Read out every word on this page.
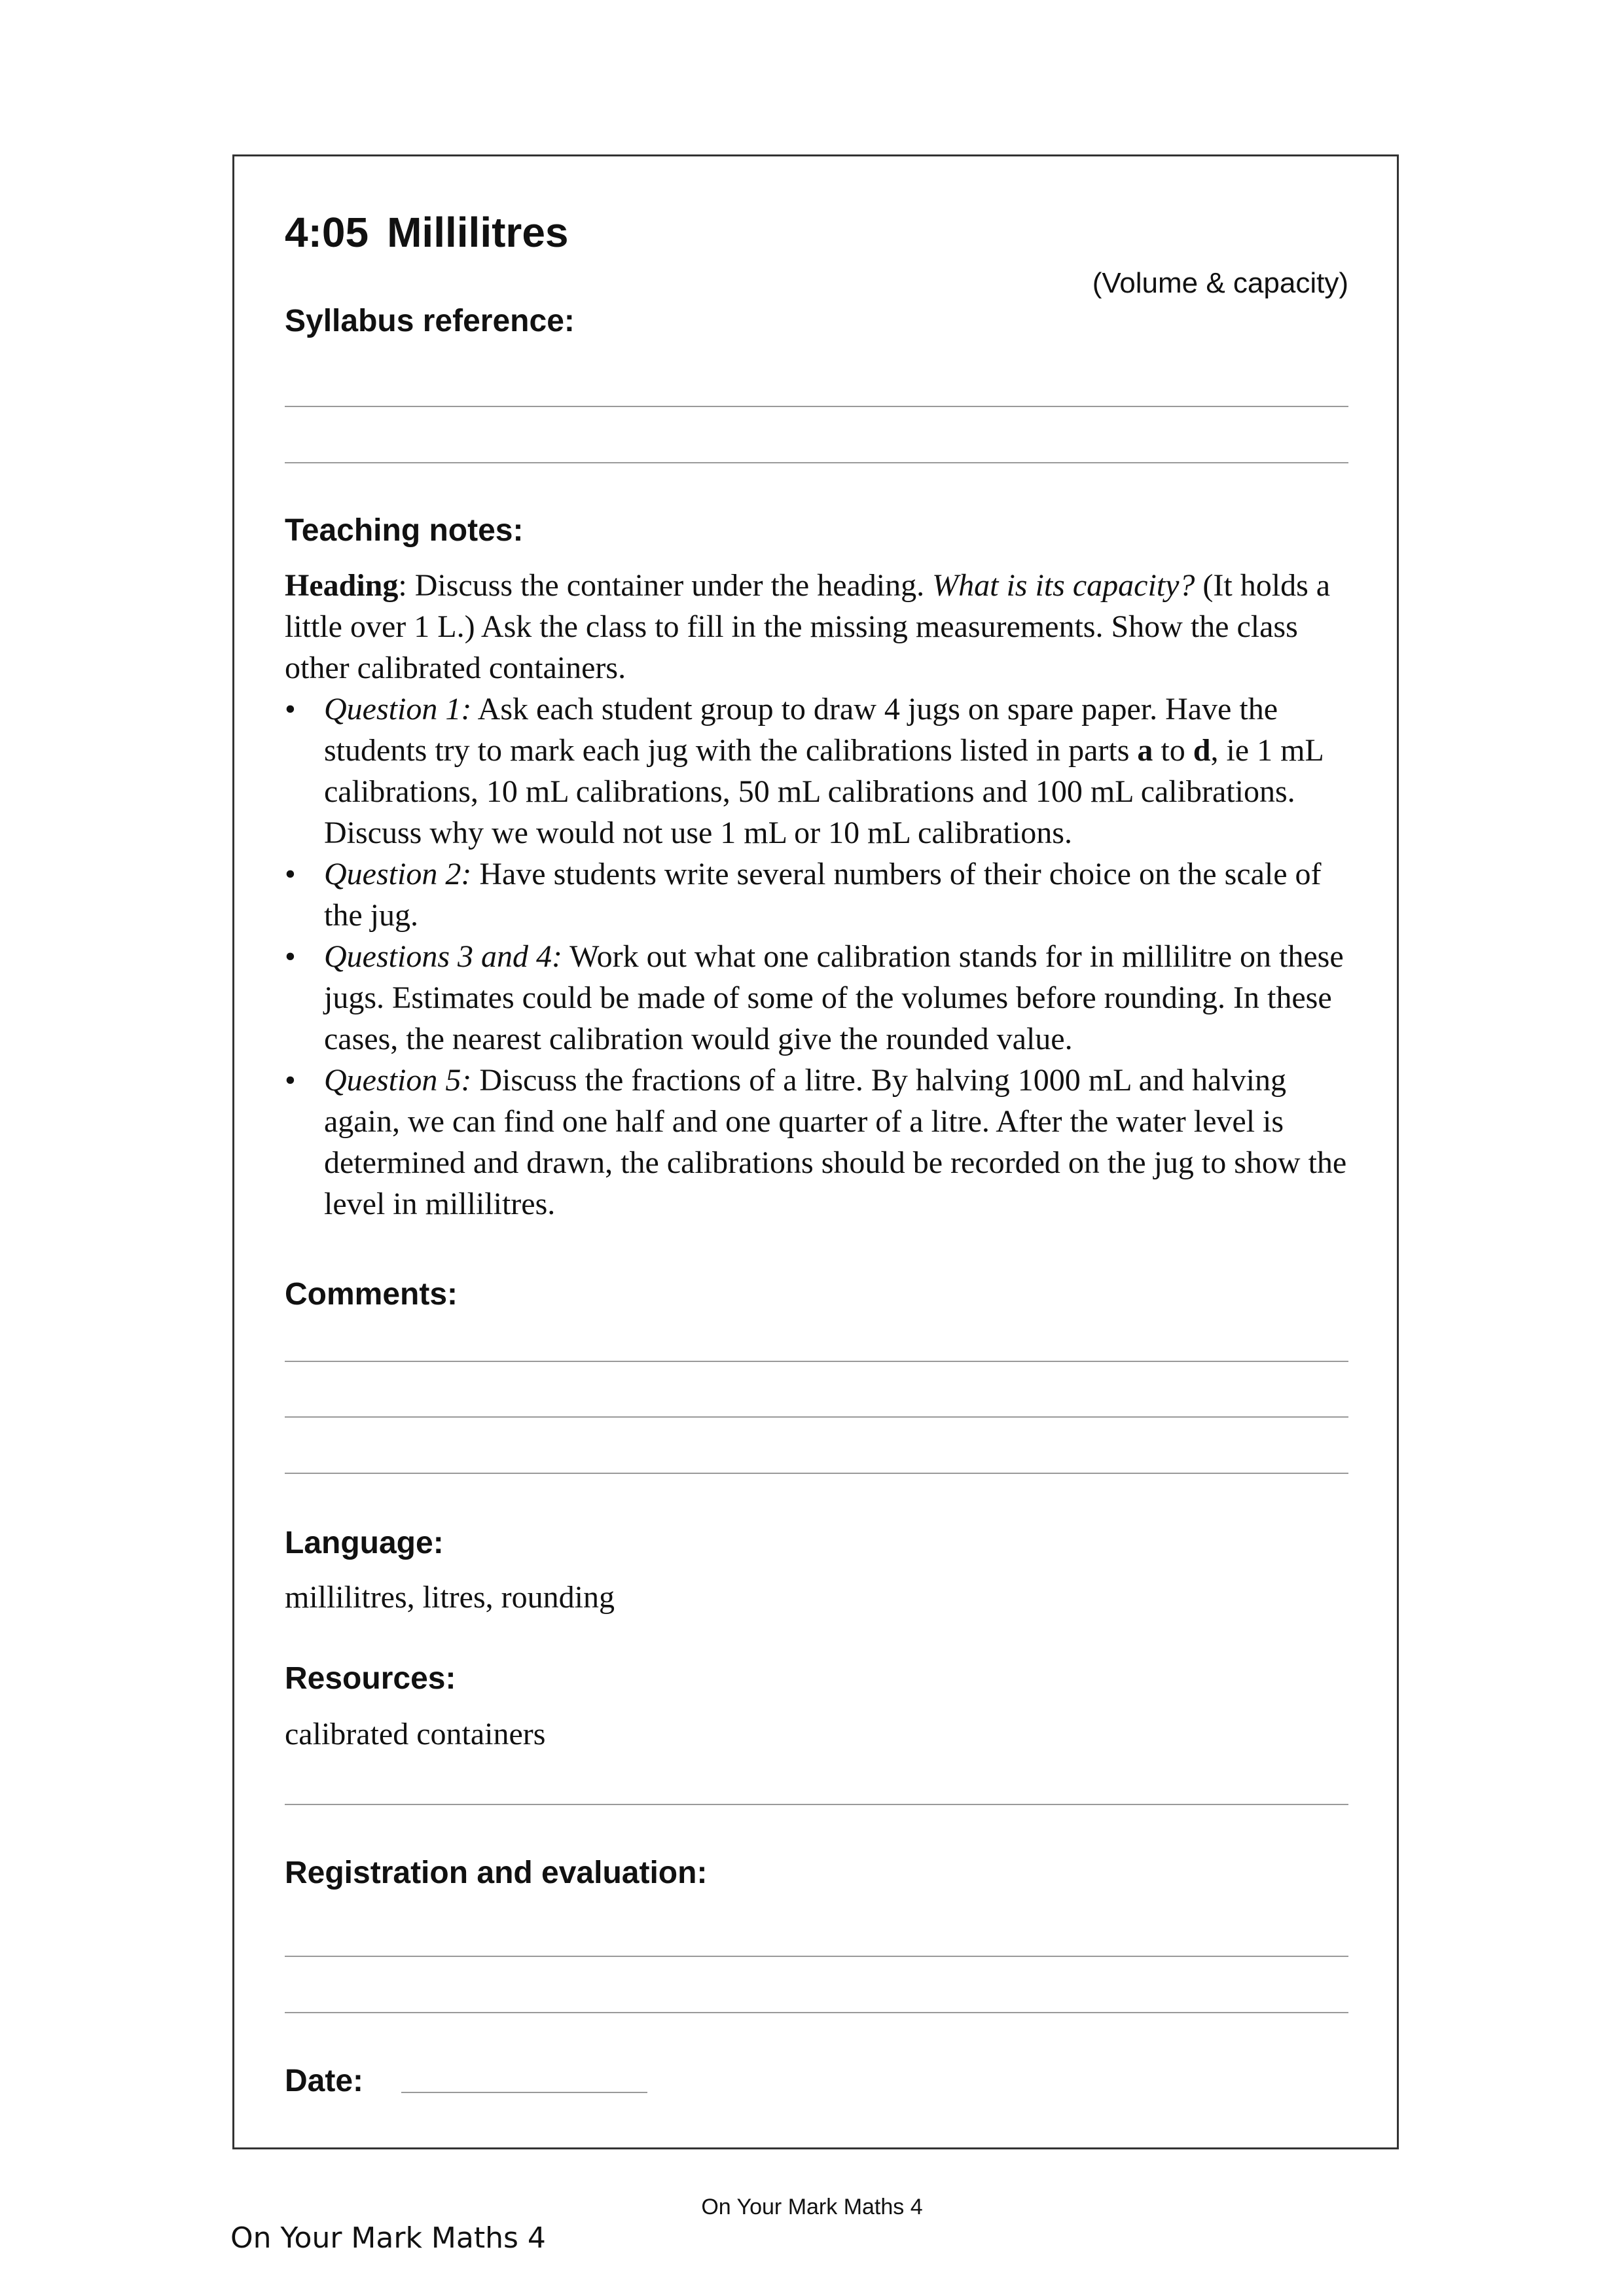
4:05 Millilitres
(Volume & capacity)
Syllabus reference:
Teaching notes:

Heading: Discuss the container under the heading. What is its capacity? (It holds a little over 1 L.) Ask the class to fill in the missing measurements. Show the class other calibrated containers.

• Question 1: Ask each student group to draw 4 jugs on spare paper. Have the students try to mark each jug with the calibrations listed in parts a to d, ie 1 mL calibrations, 10 mL calibrations, 50 mL calibrations and 100 mL calibrations. Discuss why we would not use 1 mL or 10 mL calibrations.
• Question 2: Have students write several numbers of their choice on the scale of the jug.
• Questions 3 and 4: Work out what one calibration stands for in millilitre on these jugs. Estimates could be made of some of the volumes before rounding. In these cases, the nearest calibration would give the rounded value.
• Question 5: Discuss the fractions of a litre. By halving 1000 mL and halving again, we can find one half and one quarter of a litre. After the water level is determined and drawn, the calibrations should be recorded on the jug to show the level in millilitres.
Comments:
Language:
millilitres, litres, rounding
Resources:
calibrated containers
Registration and evaluation:
Date:
On Your Mark Maths 4
On Your Mark Maths 4
